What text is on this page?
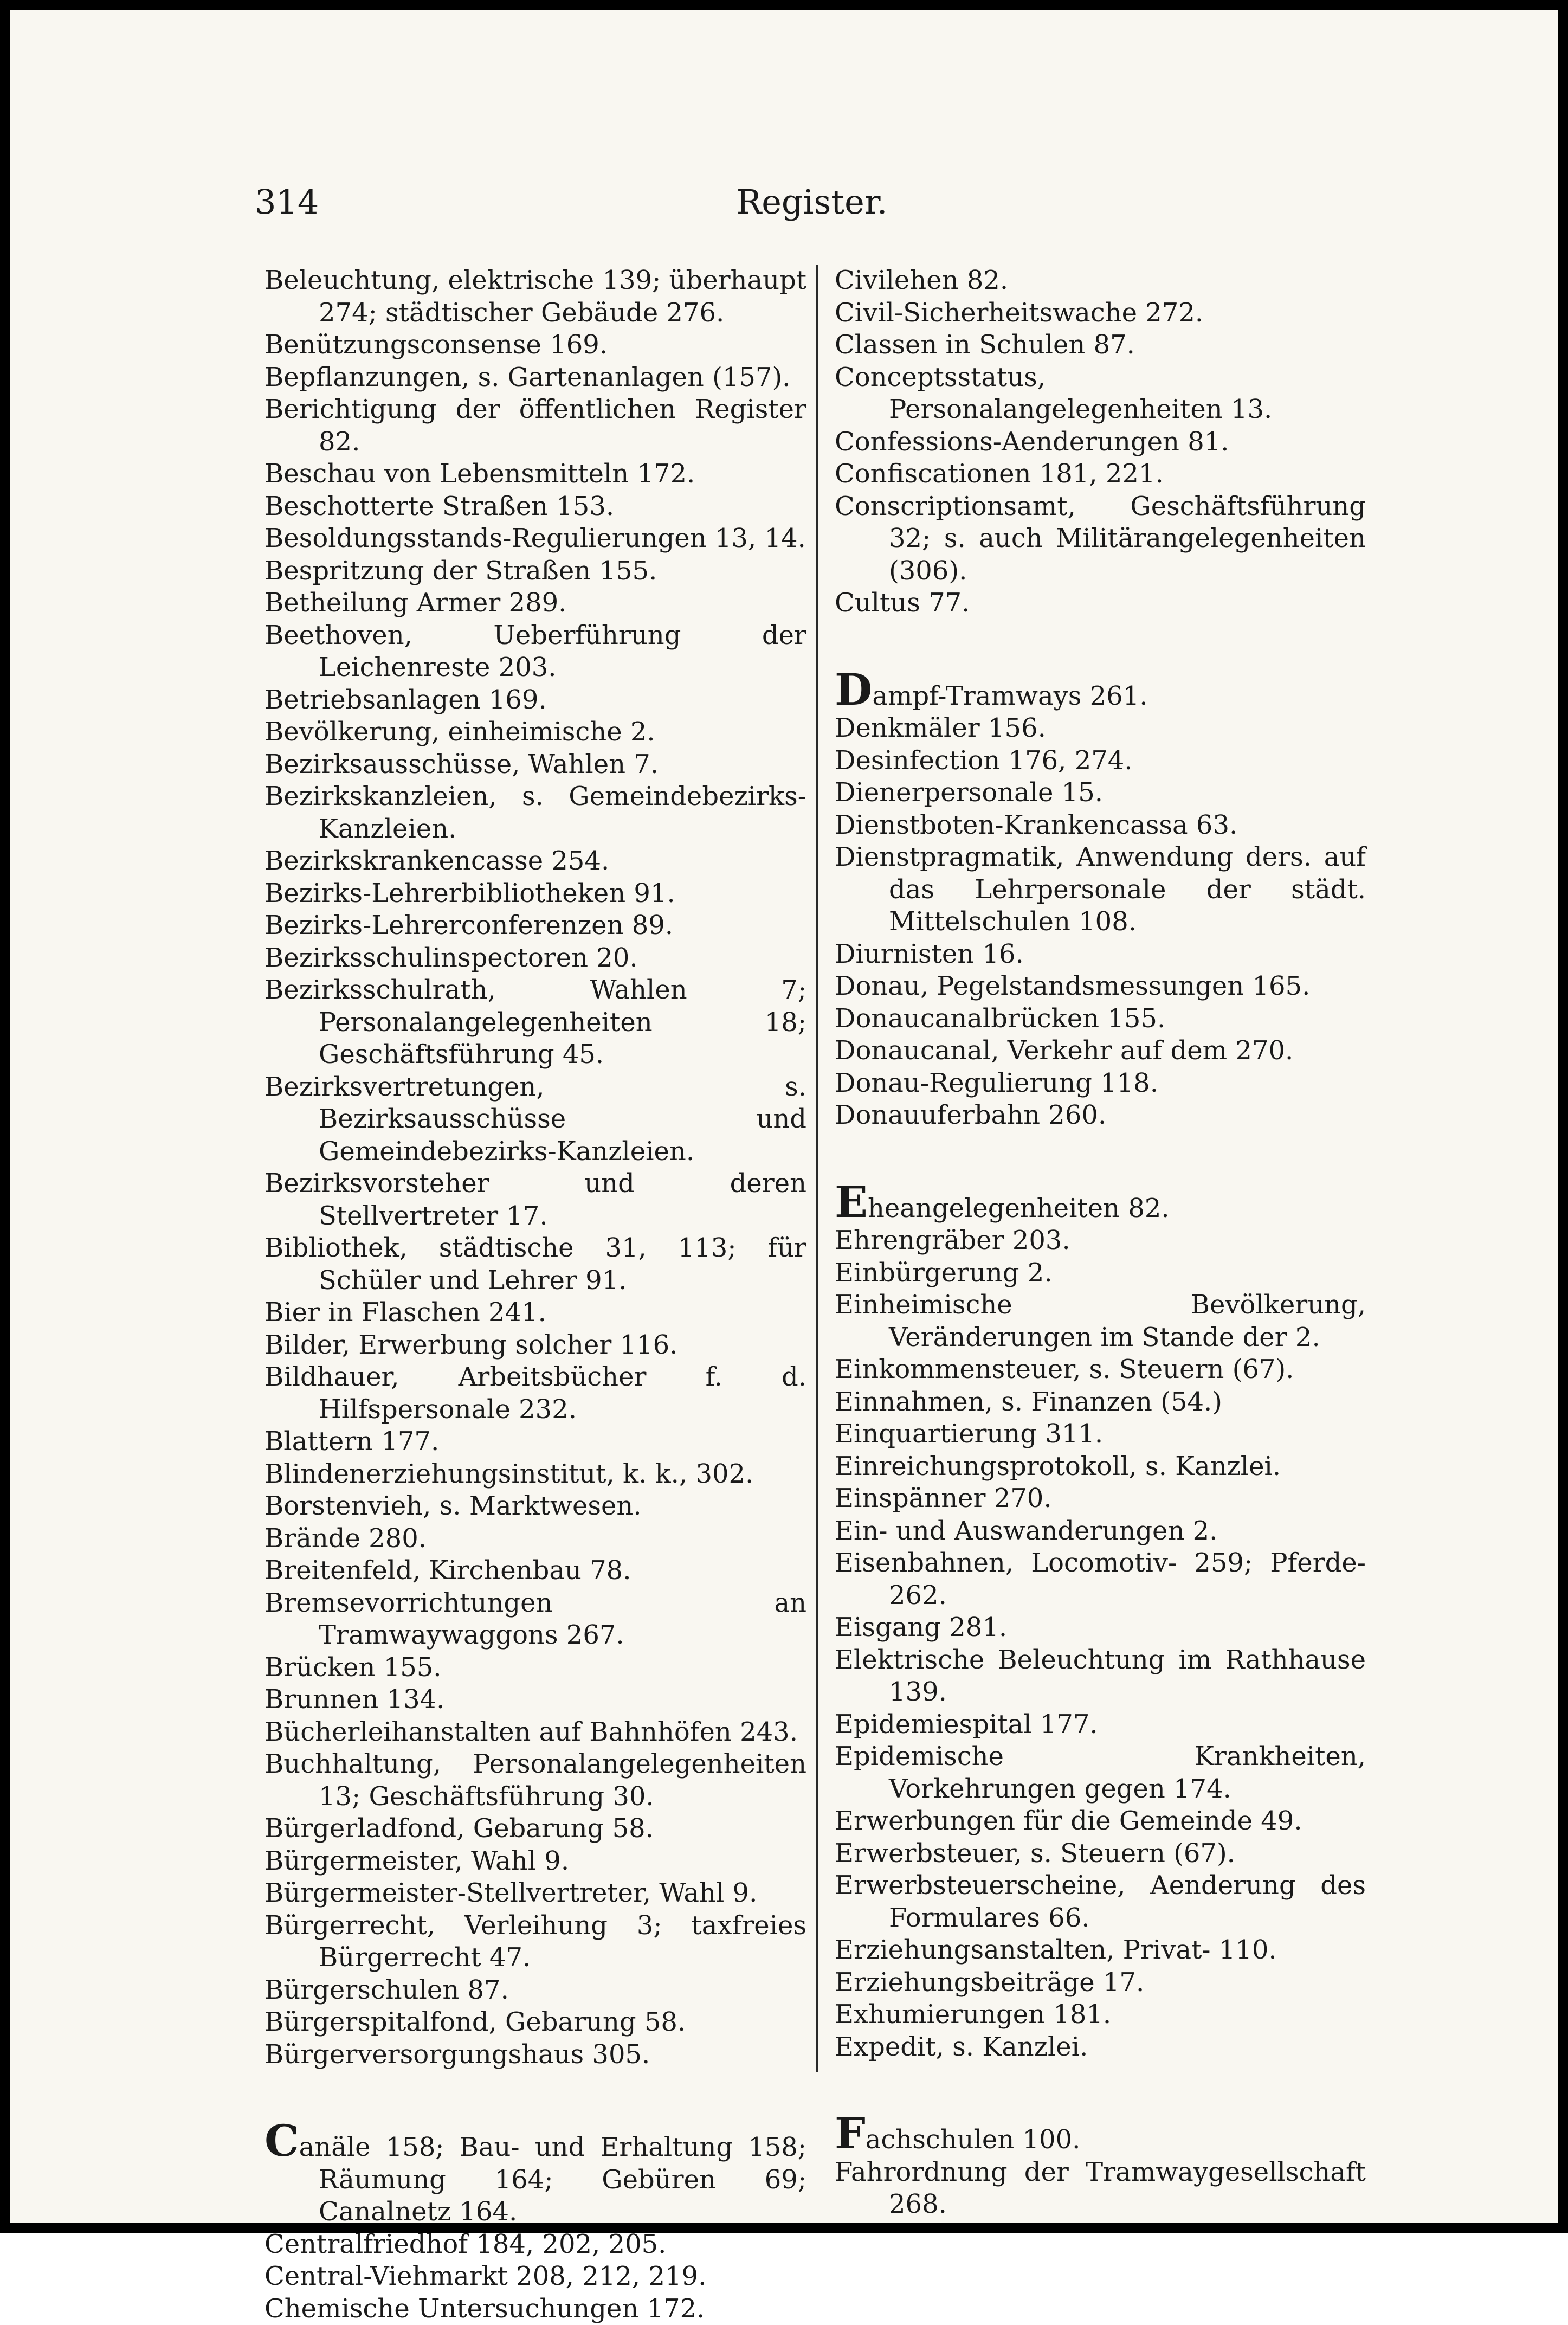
314	Register.
Beleuchtung, elektrische 139; überhaupt 274; städtischer Gebäude 276.
Benützungsconsense 169.
Bepflanzungen, s. Gartenanlagen (157).
Berichtigung der öffentlichen Register 82.
Beschau von Lebensmitteln 172.
Beschotterte Straßen 153.
Besoldungsstands-Regulierungen 13, 14.
Bespritzung der Straßen 155.
Betheilung Armer 289.
Beethoven, Ueberführung der Leichenreste 203.
Betriebsanlagen 169.
Bevölkerung, einheimische 2.
Bezirksausschüsse, Wahlen 7.
Bezirkskanzleien, s. Gemeindebezirks-Kanzleien.
Bezirkskrankencasse 254.
Bezirks-Lehrerbibliotheken 91.
Bezirks-Lehrerconferenzen 89.
Bezirksschulinspectoren 20.
Bezirksschulrath, Wahlen 7; Personalangelegenheiten 18; Geschäftsführung 45.
Bezirksvertretungen, s. Bezirksausschüsse und Gemeindebezirks-Kanzleien.
Bezirksvorsteher und deren Stellvertreter 17.
Bibliothek, städtische 31, 113; für Schüler und Lehrer 91.
Bier in Flaschen 241.
Bilder, Erwerbung solcher 116.
Bildhauer, Arbeitsbücher f. d. Hilfspersonale 232.
Blattern 177.
Blindenerziehungsinstitut, k. k., 302.
Borstenvieh, s. Marktwesen.
Brände 280.
Breitenfeld, Kirchenbau 78.
Bremsevorrichtungen an Tramwaywaggons 267.
Brücken 155.
Brunnen 134.
Bücherleihanstalten auf Bahnhöfen 243.
Buchhaltung, Personalangelegenheiten 13; Geschäftsführung 30.
Bürgerladfond, Gebarung 58.
Bürgermeister, Wahl 9.
Bürgermeister-Stellvertreter, Wahl 9.
Bürgerrecht, Verleihung 3; taxfreies Bürgerrecht 47.
Bürgerschulen 87.
Bürgerspitalfond, Gebarung 58.
Bürgerversorgungshaus 305.
Canäle 158; Bau- und Erhaltung 158; Räumung 164; Gebüren 69; Canalnetz 164.
Centralfriedhof 184, 202, 205.
Central-Viehmarkt 208, 212, 219.
Chemische Untersuchungen 172.
Civilehen 82.
Civil-Sicherheitswache 272.
Classen in Schulen 87.
Conceptsstatus, Personalangelegenheiten 13.
Confessions-Aenderungen 81.
Confiscationen 181, 221.
Conscriptionsamt, Geschäftsführung 32; s. auch Militärangelegenheiten (306).
Cultus 77.
Dampf-Tramways 261.
Denkmäler 156.
Desinfection 176, 274.
Dienerpersonale 15.
Dienstboten-Krankencassa 63.
Dienstpragmatik, Anwendung ders. auf das Lehrpersonale der städt. Mittelschulen 108.
Diurnisten 16.
Donau, Pegelstandsmessungen 165.
Donaucanalbrücken 155.
Donaucanal, Verkehr auf dem 270.
Donau-Regulierung 118.
Donauuferbahn 260.
Eheangelegenheiten 82.
Ehrengräber 203.
Einbürgerung 2.
Einheimische Bevölkerung, Veränderungen im Stande der 2.
Einkommensteuer, s. Steuern (67).
Einnahmen, s. Finanzen (54.)
Einquartierung 311.
Einreichungsprotokoll, s. Kanzlei.
Einspänner 270.
Ein- und Auswanderungen 2.
Eisenbahnen, Locomotiv- 259; Pferde- 262.
Eisgang 281.
Elektrische Beleuchtung im Rathhause 139.
Epidemiespital 177.
Epidemische Krankheiten, Vorkehrungen gegen 174.
Erwerbungen für die Gemeinde 49.
Erwerbsteuer, s. Steuern (67).
Erwerbsteuerscheine, Aenderung des Formulares 66.
Erziehungsanstalten, Privat- 110.
Erziehungsbeiträge 17.
Exhumierungen 181.
Expedit, s. Kanzlei.
Fachschulen 100.
Fahrordnung der Tramwaygesellschaft 268.
